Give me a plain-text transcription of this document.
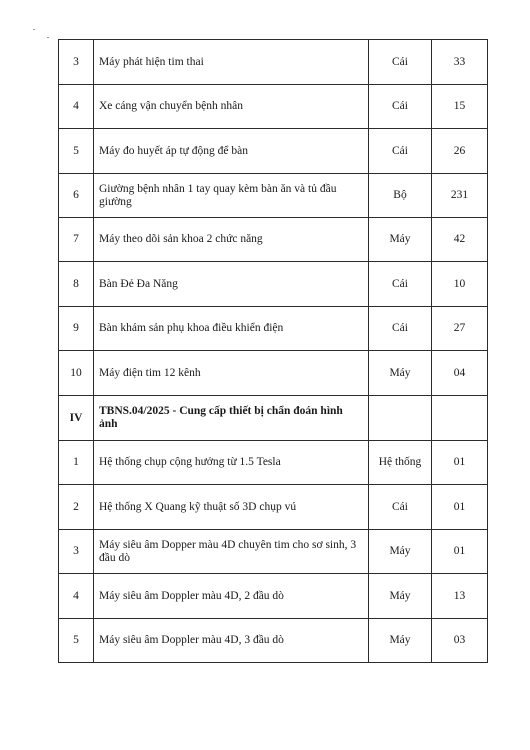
3	Máy phát hiện tim thai	Cái	33
4	Xe cáng vận chuyển bệnh nhân	Cái	15
5	Máy đo huyết áp tự động để bàn	Cái	26
6	Giường bệnh nhân 1 tay quay kèm bàn ăn và tủ đầu giường	Bộ	231
7	Máy theo dõi sản khoa 2 chức năng	Máy	42
8	Bàn Đẻ Đa Năng	Cái	10
9	Bàn khám sản phụ khoa điều khiển điện	Cái	27
10	Máy điện tim 12 kênh	Máy	04
IV	TBNS.04/2025 - Cung cấp thiết bị chẩn đoán hình ảnh		
1	Hệ thống chụp cộng hưởng từ 1.5 Tesla	Hệ thống	01
2	Hệ thống X Quang kỹ thuật số 3D chụp vú	Cái	01
3	Máy siêu âm Dopper màu 4D chuyên tim cho sơ sinh, 3 đầu dò	Máy	01
4	Máy siêu âm Doppler màu 4D, 2 đầu dò	Máy	13
5	Máy siêu âm Doppler màu 4D, 3 đầu dò	Máy	03
